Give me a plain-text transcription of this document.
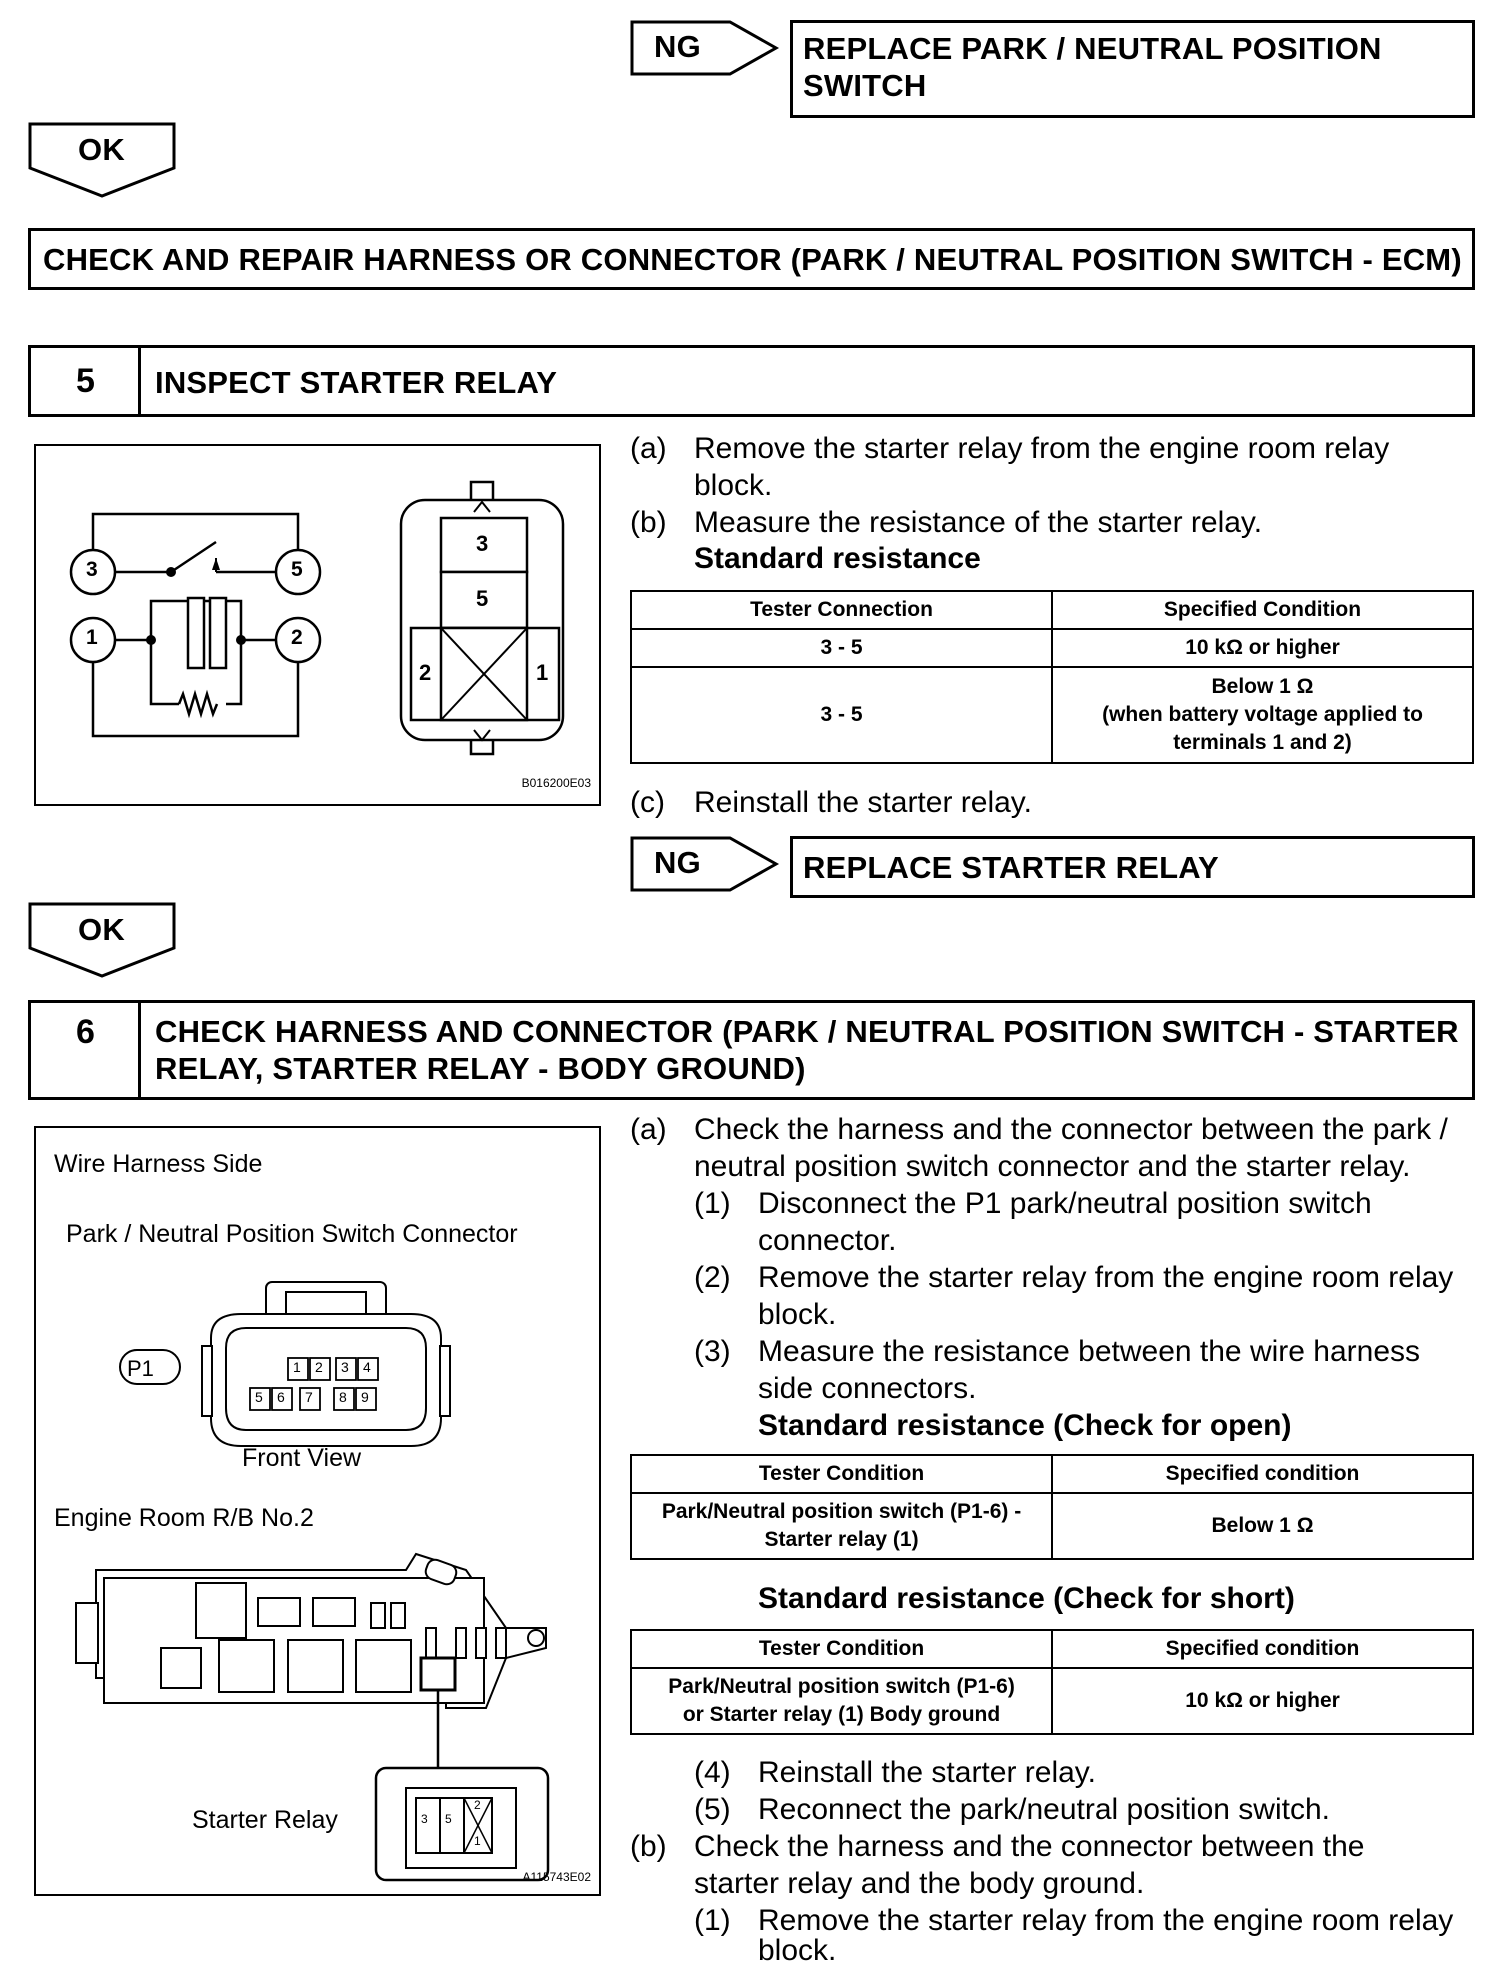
NG	REPLACE PARK / NEUTRAL POSITION
SWITCH
OK
CHECK AND REPAIR HARNESS OR CONNECTOR (PARK / NEUTRAL POSITION SWITCH - ECM)
5 INSPECT STARTER RELAY
3	5
1	2
3
5
2	1
B016200E03
(a) Remove the starter relay from the engine room relay
block.
(b) Measure the resistance of the starter relay.
Standard resistance
Tester Connection	Specified Condition
3 - 5	10 kΩ or higher
3 - 5	Below 1 Ω
(when battery voltage applied to
terminals 1 and 2)
(c) Reinstall the starter relay.
NG	REPLACE STARTER RELAY
OK
6 CHECK HARNESS AND CONNECTOR (PARK / NEUTRAL POSITION SWITCH - STARTER
RELAY, STARTER RELAY - BODY GROUND)
Wire Harness Side
Park / Neutral Position Switch Connector
P1	1 2 3 4
5 6 7 8 9
Front View
Engine Room R/B No.2
Starter Relay	3 5
2
1
A115743E02
(a) Check the harness and the connector between the park /
neutral position switch connector and the starter relay.
(1) Disconnect the P1 park/neutral position switch
connector.
(2) Remove the starter relay from the engine room relay
block.
(3) Measure the resistance between the wire harness
side connectors.
Standard resistance (Check for open)
Tester Condition	Specified condition

Park/Neutral position switch (P1-6) -
Starter relay (1)	Below 1 Ω
Standard resistance (Check for short)
Tester Condition	Specified condition

Park/Neutral position switch (P1-6)
or Starter relay (1) Body ground	10 kΩ or higher
(4) Reinstall the starter relay.
(5) Reconnect the park/neutral position switch.
(b) Check the harness and the connector between the
starter relay and the body ground.
(1) Remove the starter relay from the engine room relay
block.
